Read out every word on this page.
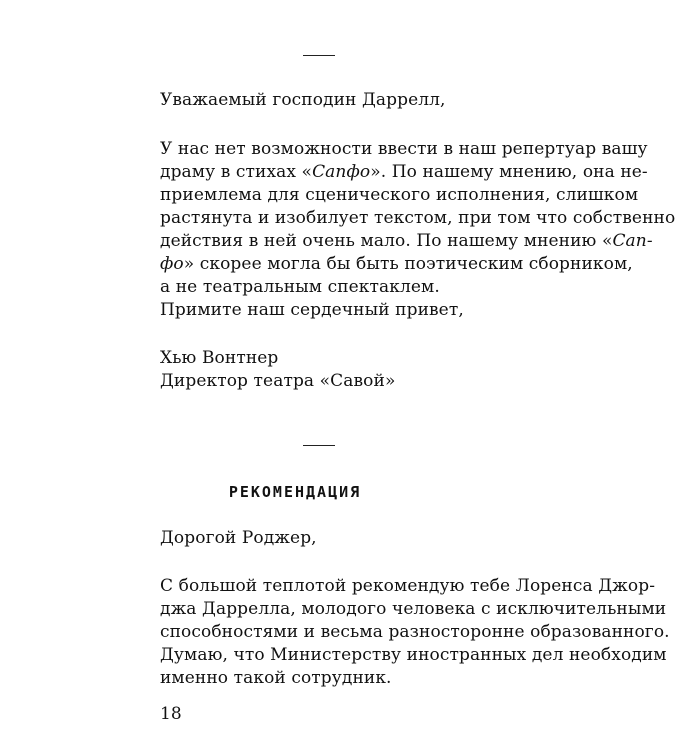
Уважаемый господин Даррелл,
У нас нет возможности ввести в наш репертуар вашу
драму в стихах «Сапфо». По нашему мнению, она не-
приемлема для сценического исполнения, слишком
растянута и изобилует текстом, при том что собственно
действия в ней очень мало. По нашему мнению «Сап-
фо» скорее могла бы быть поэтическим сборником,
а не театральным спектаклем.
Примите наш сердечный привет,
Хью Вонтнер
Директор театра «Савой»
РЕКОМЕНДАЦИЯ
Дорогой Роджер,
С большой теплотой рекомендую тебе Лоренса Джор-
джа Даррелла, молодого человека с исключительными
способностями и весьма разносторонне образованного.
Думаю, что Министерству иностранных дел необходим
именно такой сотрудник.
18
